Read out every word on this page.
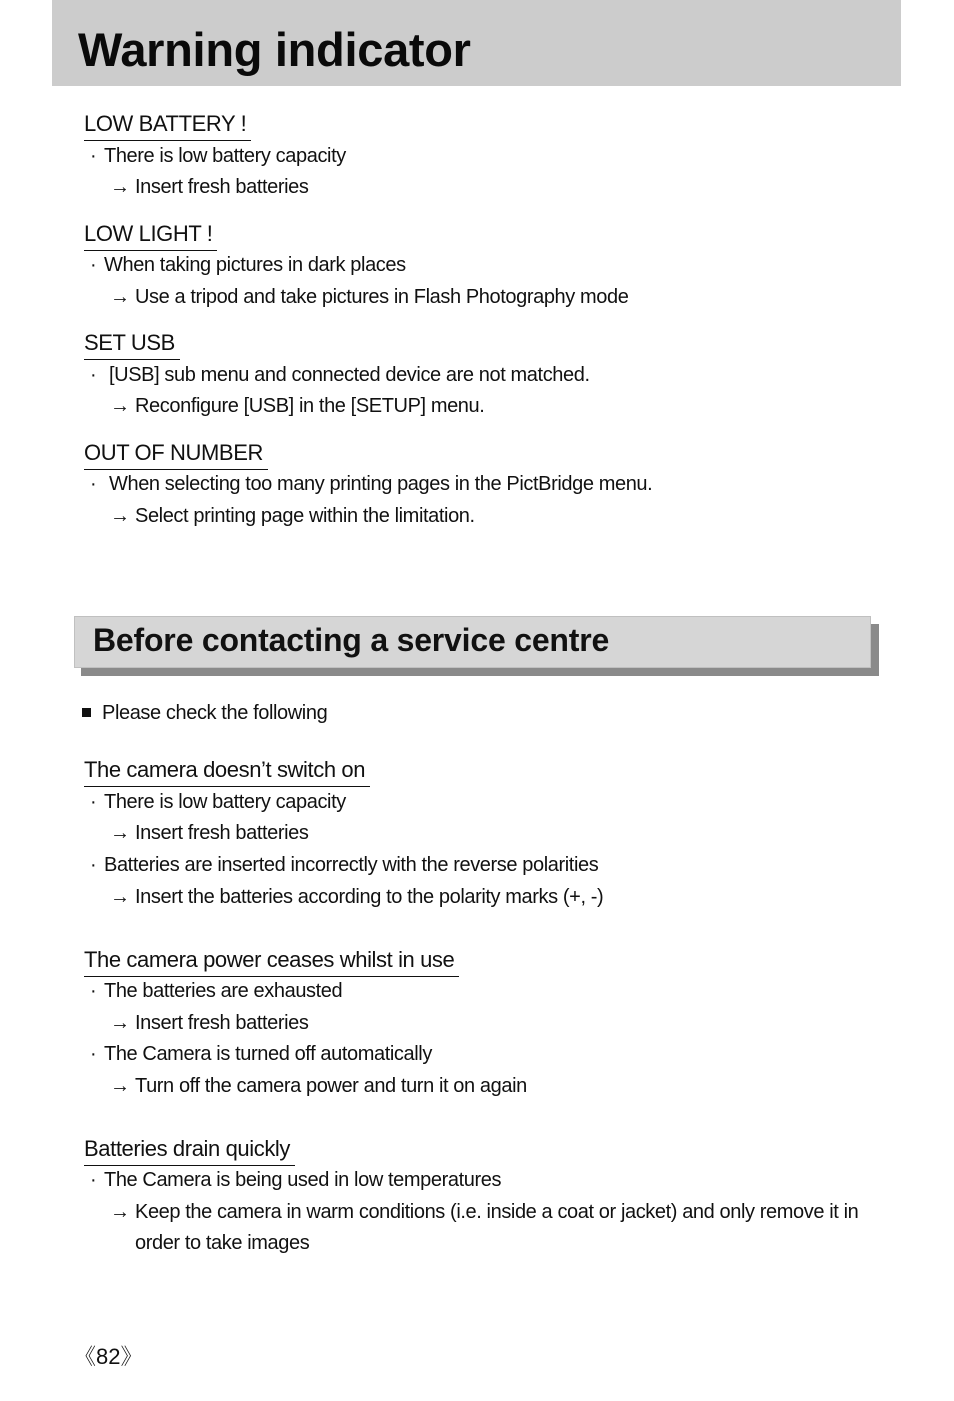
Warning indicator
LOW BATTERY !
· There is low battery capacity
→ Insert fresh batteries
LOW LIGHT !
· When taking pictures in dark places
→ Use a tripod and take pictures in Flash Photography mode
SET USB
· [USB] sub menu and connected device are not matched.
→ Reconfigure [USB] in the [SETUP] menu.
OUT OF NUMBER
· When selecting too many printing pages in the PictBridge menu.
→ Select printing page within the limitation.
Before contacting a service centre
Please check the following
The camera doesn’t switch on
· There is low battery capacity
→ Insert fresh batteries
· Batteries are inserted incorrectly with the reverse polarities
→ Insert the batteries according to the polarity marks (+, -)
The camera power ceases whilst in use
· The batteries are exhausted
→ Insert fresh batteries
· The Camera is turned off automatically
→ Turn off the camera power and turn it on again
Batteries drain quickly
· The Camera is being used in low temperatures
→ Keep the camera in warm conditions (i.e. inside a coat or jacket) and only remove it in
order to take images
《82》
